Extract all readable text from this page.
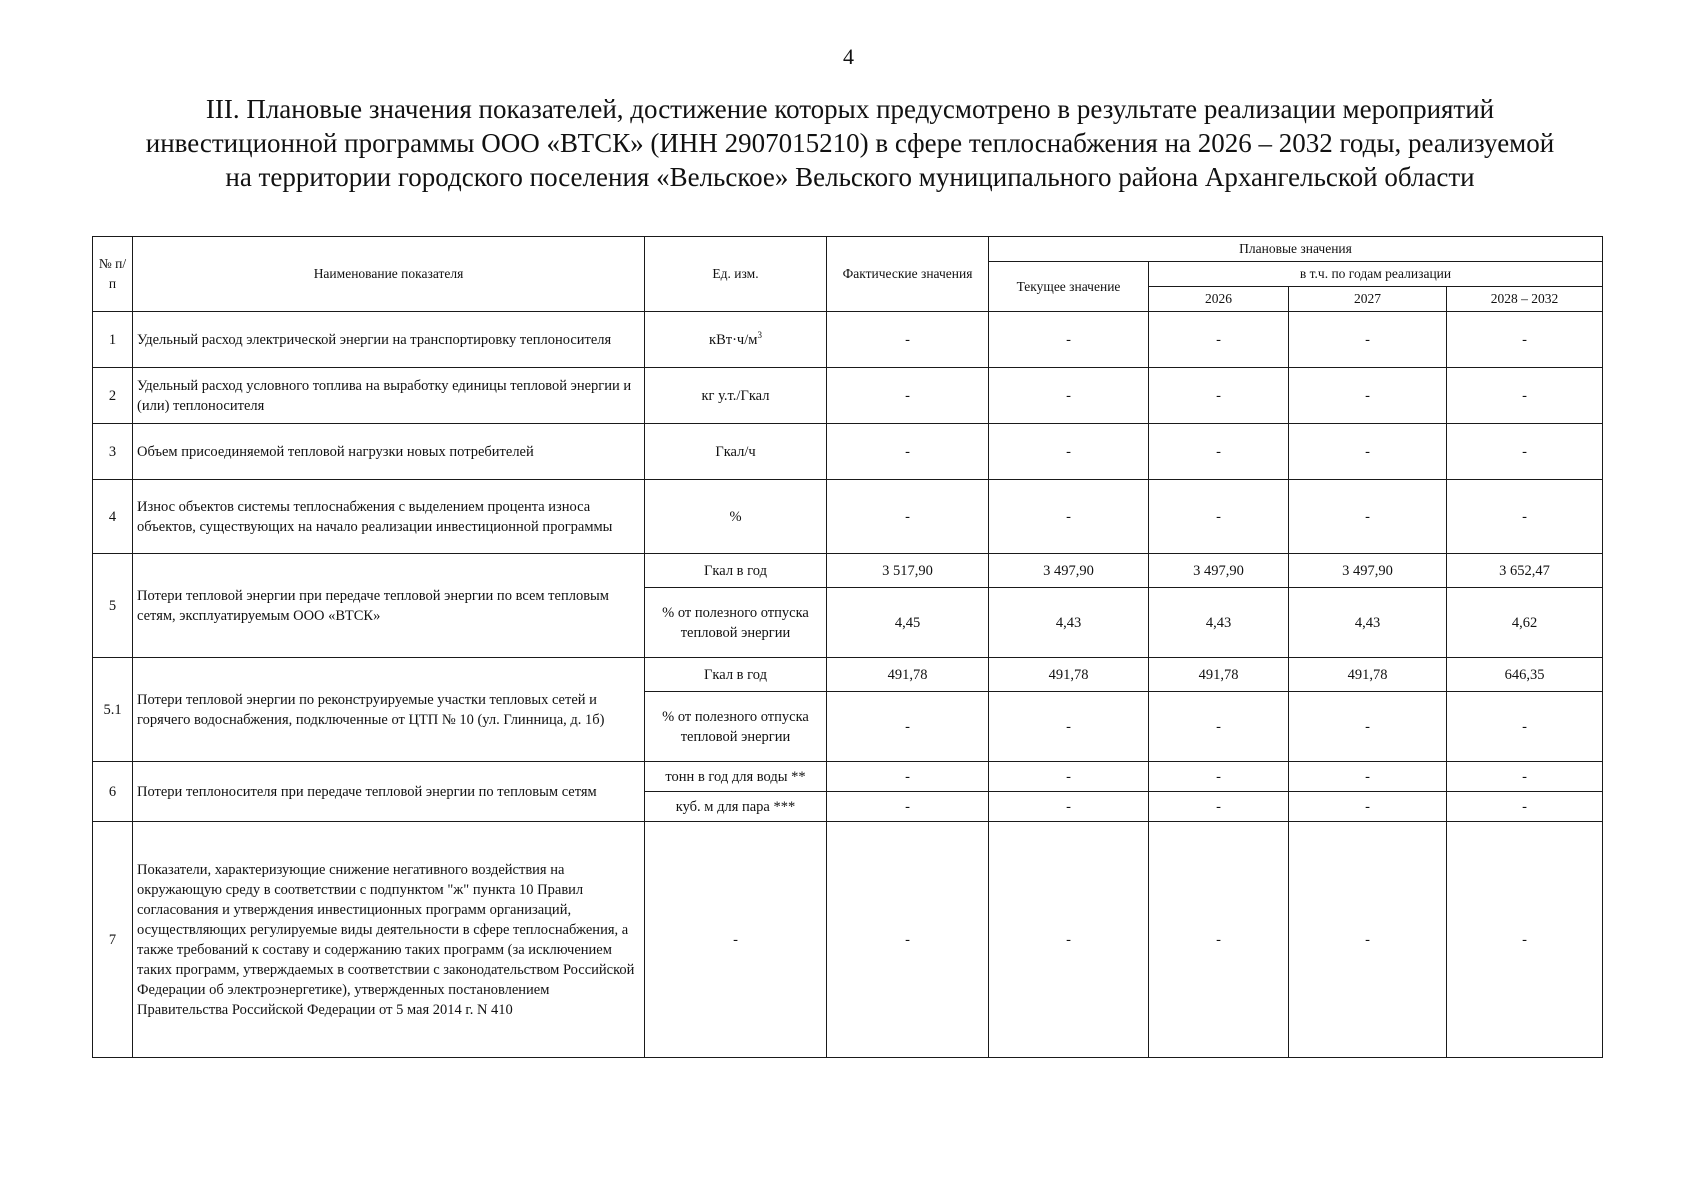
4
III. Плановые значения показателей, достижение которых предусмотрено в результате реализации мероприятий
инвестиционной программы ООО «ВТСК» (ИНН 2907015210) в сфере теплоснабжения на 2026 – 2032 годы, реализуемой
на территории городского поселения «Вельское» Вельского муниципального района Архангельской области
№ п/п	Наименование показателя	Ед. изм.	Фактические значения	Плановые значения			
				Текущее значение	в т.ч. по годам реализации		
					2026	2027	2028 – 2032
1	Удельный расход электрической энергии на транспортировку теплоносителя	$кВт\cdot ч/м^3$	-	-	-	-	-
2	Удельный расход условного топлива на выработку единицы тепловой энергии и (или) теплоносителя	кг у.т./Гкал	-	-	-	-	-
3	Объем присоединяемой тепловой нагрузки новых потребителей	Гкал/ч	-	-	-	-	-
4	Износ объектов системы теплоснабжения с выделением процента износа объектов, существующих на начало реализации инвестиционной программы	%	-	-	-	-	-
5	Потери тепловой энергии при передаче тепловой энергии по всем тепловым сетям, эксплуатируемым ООО «ВТСК»	Гкал в год	3 517,90	3 497,90	3 497,90	3 497,90	3 652,47
		% от полезного отпуска тепловой энергии	4,45	4,43	4,43	4,43	4,62
5.1	Потери тепловой энергии по реконструируемые участки тепловых сетей и горячего водоснабжения, подключенные от ЦТП № 10 (ул. Глинница, д. 1б)	Гкал в год	491,78	491,78	491,78	491,78	646,35
		% от полезного отпуска тепловой энергии	-	-	-	-	-
6	Потери теплоносителя при передаче тепловой энергии по тепловым сетям	тонн в год для воды **	-	-	-	-	-
		куб. м для пара ***	-	-	-	-	-
7	Показатели, характеризующие снижение негативного воздействия на окружающую среду в соответствии с подпунктом "ж" пункта 10 Правил согласования и утверждения инвестиционных программ организаций, осуществляющих регулируемые виды деятельности в сфере теплоснабжения, а также требований к составу и содержанию таких программ (за исключением таких программ, утверждаемых в соответствии с законодательством Российской Федерации об электроэнергетике), утвержденных постановлением Правительства Российской Федерации от 5 мая 2014 г. N 410	-	-	-	-	-	-
